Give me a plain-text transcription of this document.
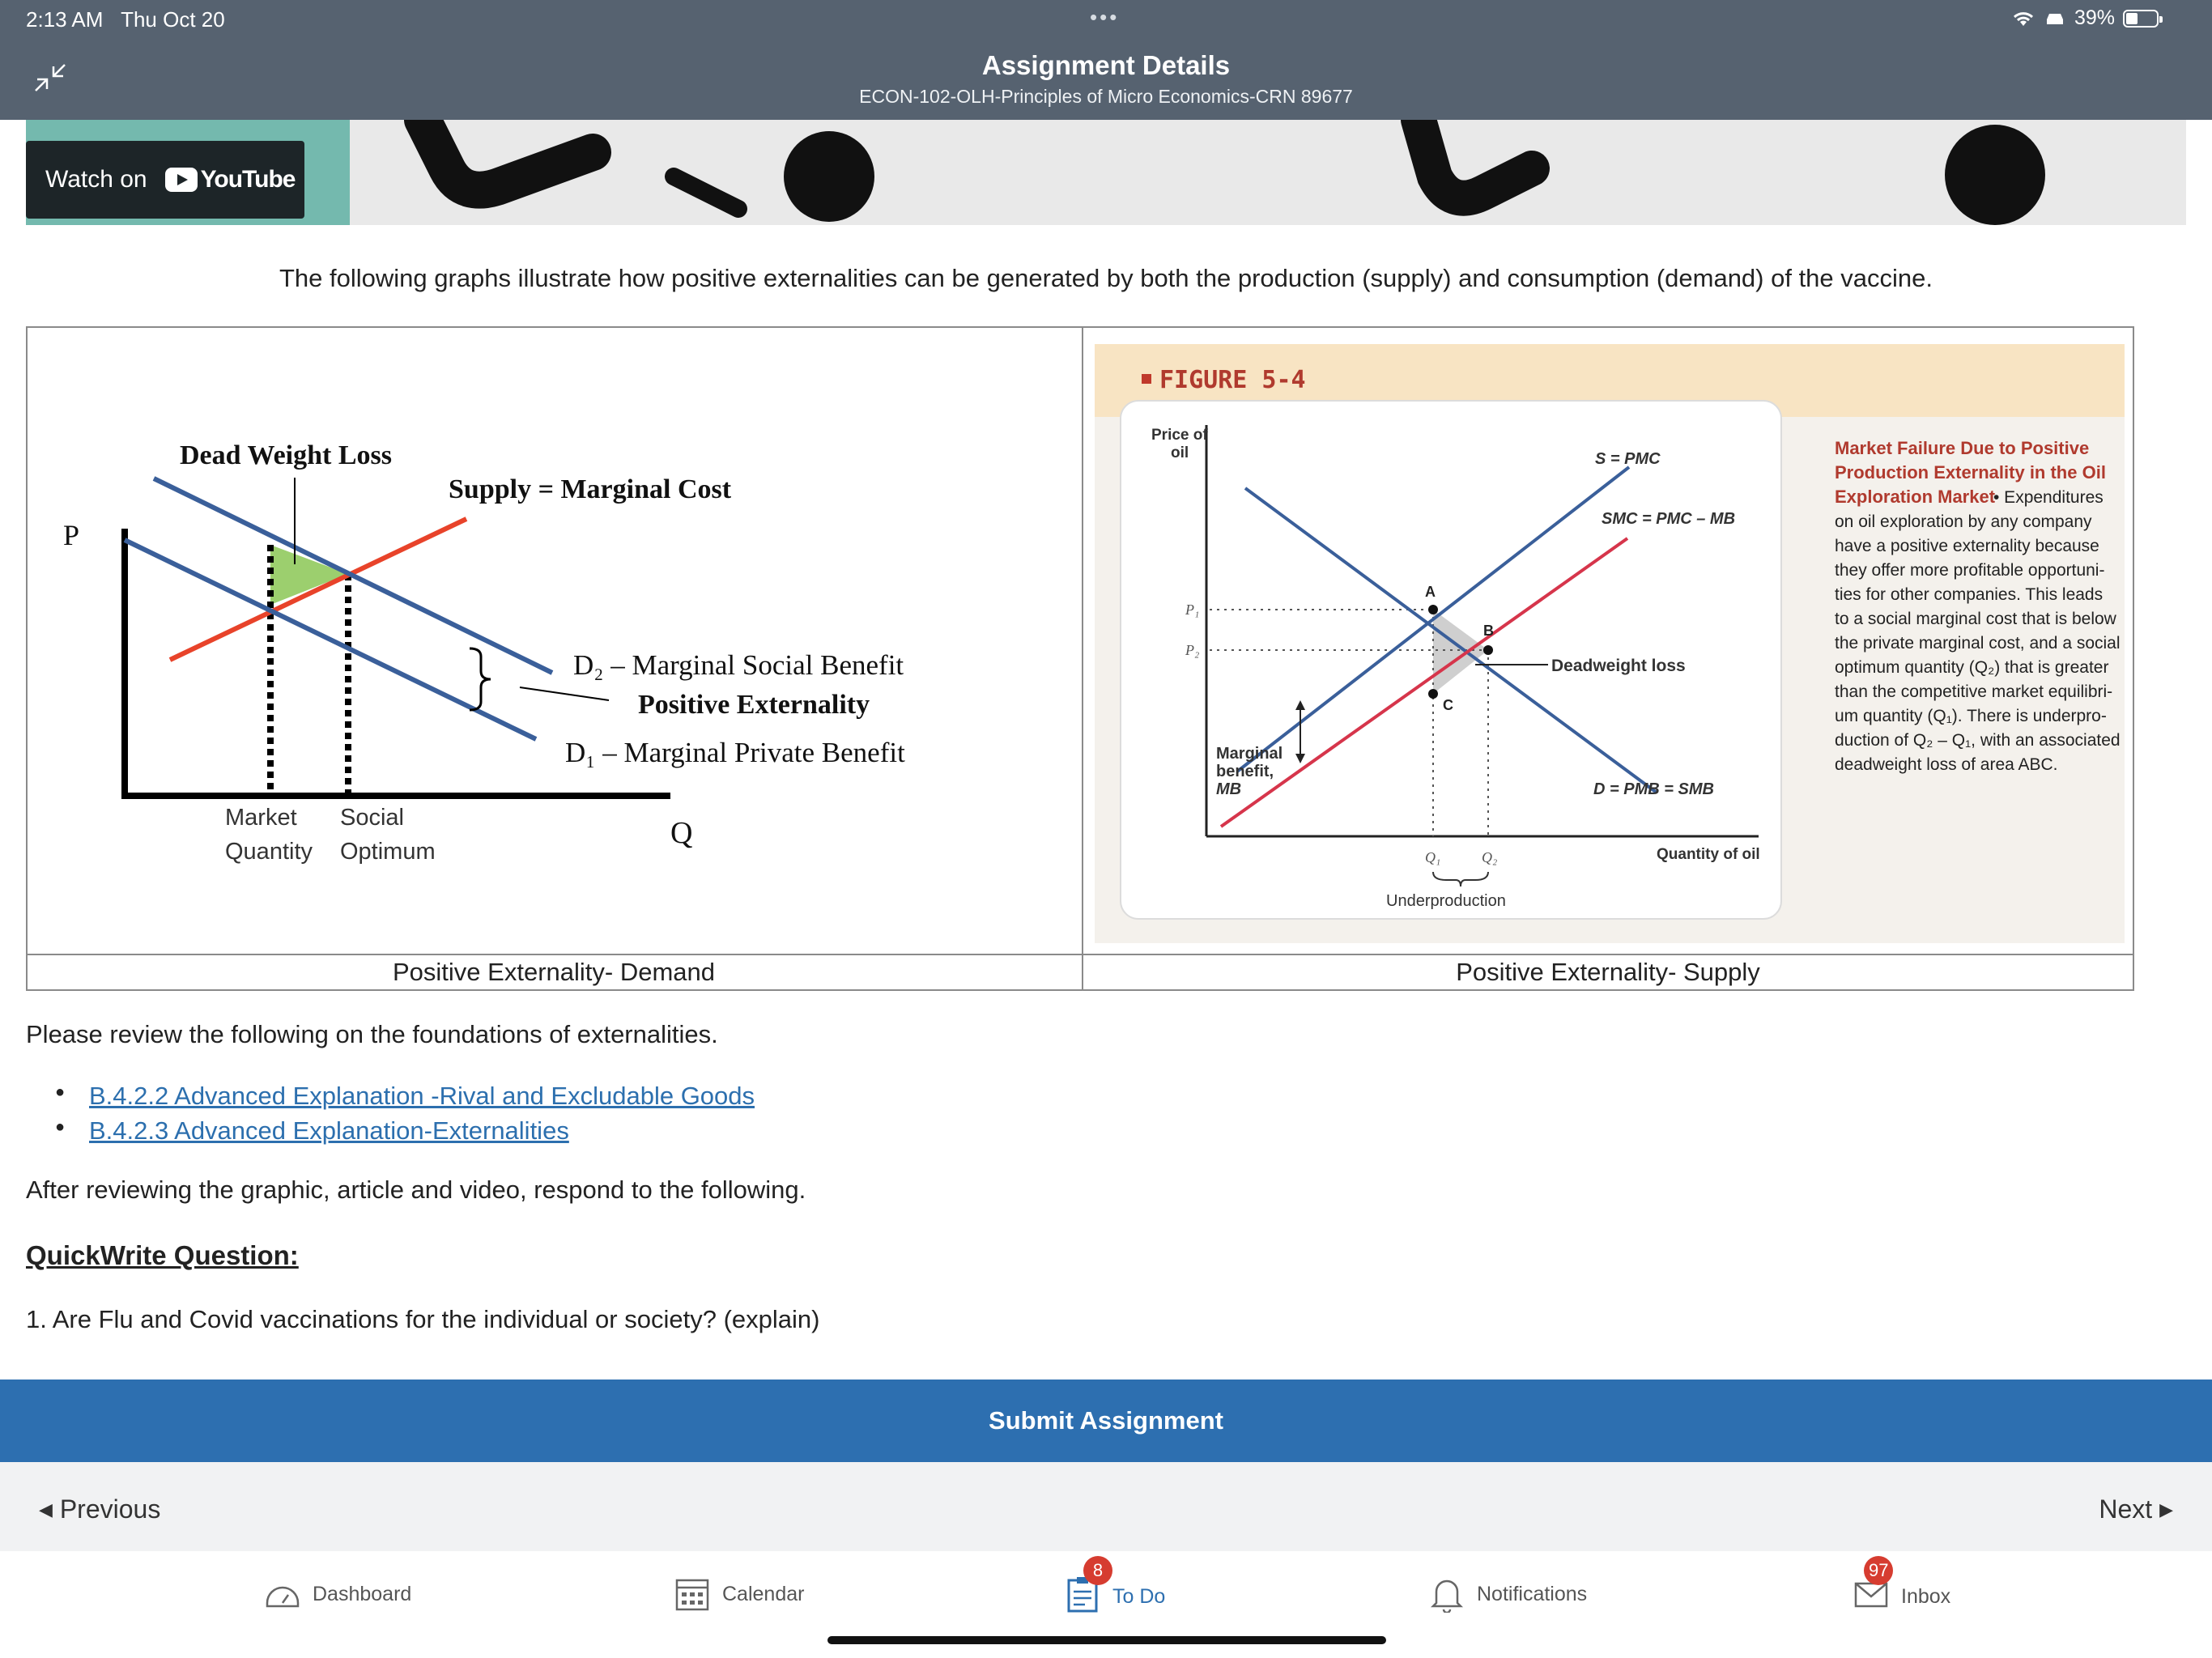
2:13 AM Thu Oct 20	•••	39%
Assignment Details
ECON-102-OLH-Principles of Micro Economics-CRN 89677
Watch on YouTube
The following graphs illustrate how positive externalities can be generated by both the production (supply) and consumption (demand) of the vaccine.
Dead Weight Loss
Supply = Marginal Cost
P
D₂ – Marginal Social Benefit
Positive Externality
D₁ – Marginal Private Benefit
Market
Quantity
Social
Optimum
Q
FIGURE 5-4
Price of
oil
A
B
C
P₁
P₂
S = PMC
SMC = PMC – MB
Deadweight loss
D = PMB = SMB
Marginal
benefit,
MB
Q₁	Q₂
Underproduction
Quantity of oil
Market Failure Due to Positive
Production Externality in the Oil
Exploration Market
• Expenditures
on oil exploration by any company
have a positive externality because
they offer more profitable opportuni-
ties for other companies. This leads
to a social marginal cost that is below
the private marginal cost, and a social
optimum quantity (Q₂) that is greater
than the competitive market equilibri-
um quantity (Q₁). There is underpro-
duction of Q₂ – Q₁, with an associated
deadweight loss of area ABC.
Positive Externality- Demand	Positive Externality- Supply
Please review the following on the foundations of externalities.
● B.4.2.2 Advanced Explanation -Rival and Excludable Goods
● B.4.2.3 Advanced Explanation-Externalities
After reviewing the graphic, article and video, respond to the following.
QuickWrite Question:
1. Are Flu and Covid vaccinations for the individual or society? (explain)
Submit Assignment
◀ Previous	Next ▶
Dashboard	Calendar
8
To Do	Notifications
97
Inbox
